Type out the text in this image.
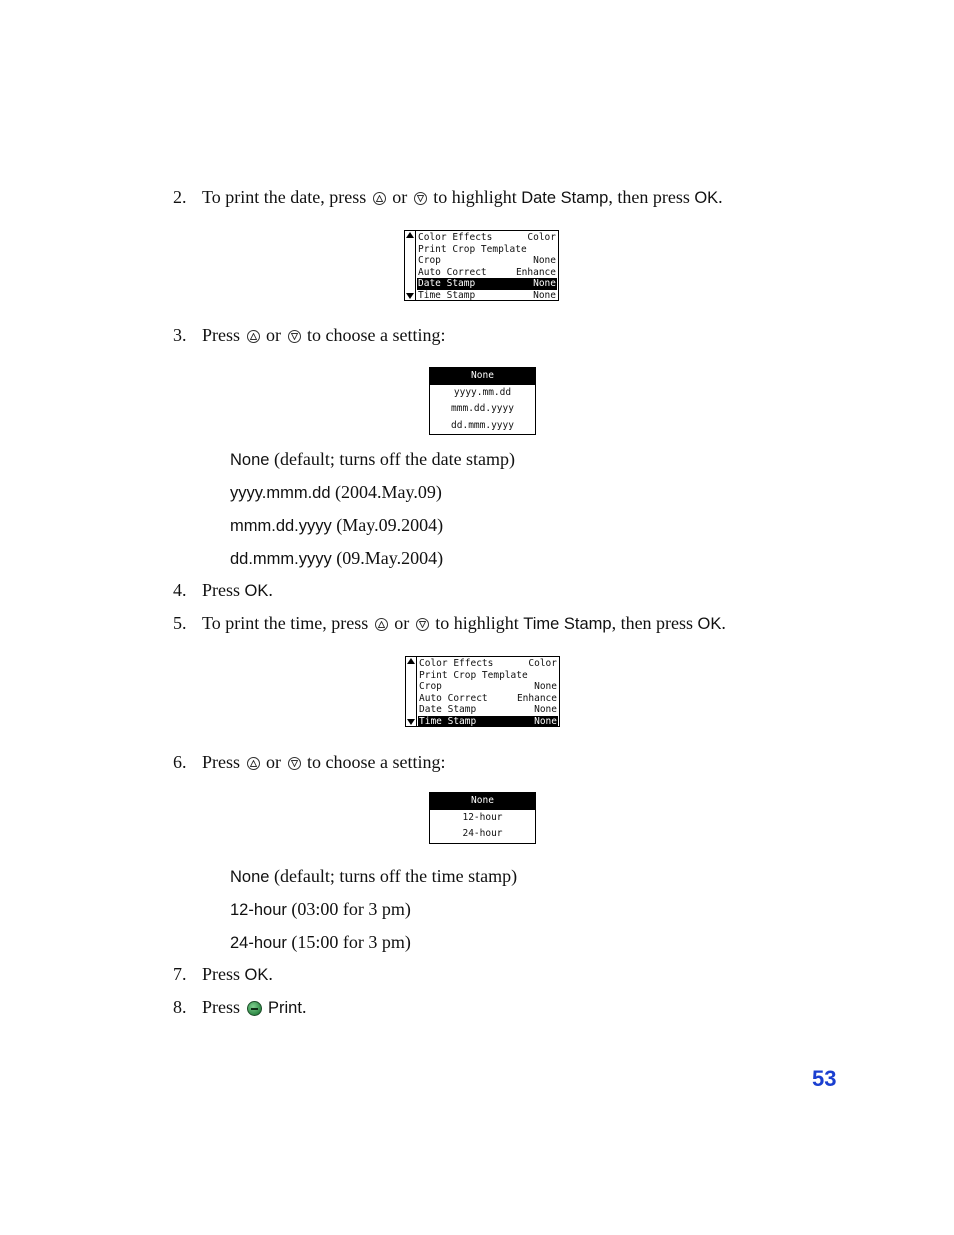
2. To print the date, press or to highlight Date Stamp, then press OK.
Color Effects	Color
Print Crop Template
Crop	None
Auto Correct	Enhance
Date Stamp	None
Time Stamp	None
3. Press or to choose a setting:
None
yyyy.mm.dd
mmm.dd.yyyy
dd.mmm.yyyy
None (default; turns off the date stamp)
yyyy.mmm.dd (2004.May.09)
mmm.dd.yyyy (May.09.2004)
dd.mmm.yyyy (09.May.2004)
4. Press OK.
5. To print the time, press or to highlight Time Stamp, then press OK.
Color Effects	Color
Print Crop Template
Crop	None
Auto Correct	Enhance
Date Stamp	None
Time Stamp	None
6. Press or to choose a setting:
None
12-hour
24-hour
None (default; turns off the time stamp)
12-hour (03:00 for 3 pm)
24-hour (15:00 for 3 pm)
7. Press OK.
8. Press Print.
53
